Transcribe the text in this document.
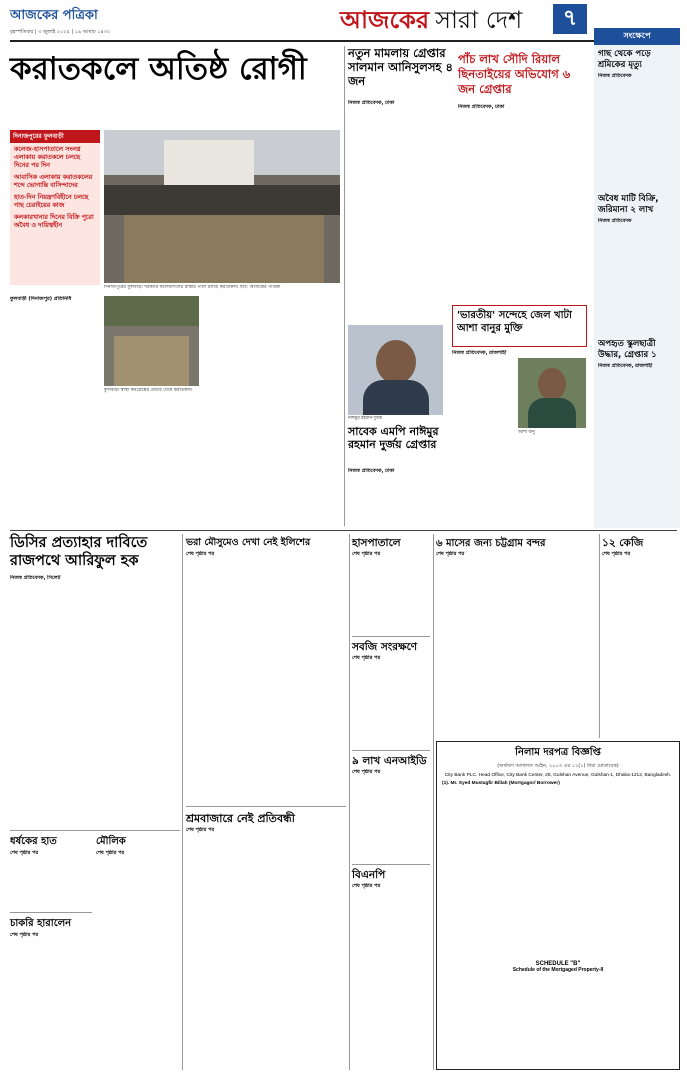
আজকের পত্রিকা
বৃহস্পতিবার | ৩ জুলাই ২০২৫ | ১৯ আষাঢ় ১৪৩২	আজকের সারা দেশ	৭
করাতকলে অতিষ্ঠ রোগী
দিনাজপুরের ফুলবাড়ী
কলেজ-হাসপাতালে সংলগ্ন এলাকায় করাতকলে চলছে দিনের পর দিন
আবাসিক এলাকায় করাতকলের শব্দে ভোগান্তি বাসিন্দাদের
হাত-দিন নিয়ন্ত্রণবিহীনে চলছে গাছ চেরাইয়ের কাজ
কলকারখানার দিনের বিক্রি পুরো অবৈধ ও দায়িত্বহীন
দিনাজপুরের ফুলবাড়ী সরকারি কলেজসংলগ্ন রাস্তার পাশে চলছে করাতকল। ছবি: আজকের পত্রিকা
ফুলবাড়ী স্বাস্থ্য কমপ্লেক্সের প্রাচীর ঘেঁষে করাতকল।
ফুলবাড়ী (দিনাজপুর) প্রতিনিধি
নতুন মামলায় গ্রেপ্তার সালমান আনিসুলসহ ৪ জন
নিজস্ব প্রতিবেদক, ঢাকা
পাঁচ লাখ সৌদি রিয়াল ছিনতাইয়ের অভিযোগ ৬ জন গ্রেপ্তার
নিজস্ব প্রতিবেদক, ঢাকা
নাঈমুর রহমান দুর্জয়
সাবেক এমপি নাঈমুর রহমান দুর্জয় গ্রেপ্তার
নিজস্ব প্রতিবেদক, ঢাকা
'ভারতীয়' সন্দেহে জেল খাটা আশা বানুর মুক্তি
নিজস্ব প্রতিবেদক, রাজশাহী
আশা বানু
সংক্ষেপে
গাছ থেকে পড়ে শ্রমিকের মৃত্যু
নিজস্ব প্রতিবেদক
অবৈধ মাটি বিক্রি, জরিমানা ২ লাখ
নিজস্ব প্রতিবেদক
অপহৃত স্কুলছাত্রী উদ্ধার, গ্রেপ্তার ১
নিজস্ব প্রতিবেদক, রাজশাহী
ডিসির প্রত্যাহার দাবিতে রাজপথে আরিফুল হক
নিজস্ব প্রতিবেদক, সিলেট
ধর্ষকের হাত
শেষ পৃষ্ঠার পর
মৌলিক
শেষ পৃষ্ঠার পর
চাকরি হারালেন
শেষ পৃষ্ঠার পর
ভরা মৌসুমেও দেখা নেই ইলিশের
শেষ পৃষ্ঠার পর
শ্রমবাজারে নেই প্রতিবন্ধী
শেষ পৃষ্ঠার পর
হাসপাতালে
শেষ পৃষ্ঠার পর
সবজি সংরক্ষণে
শেষ পৃষ্ঠার পর
৯ লাখ এনআইডি
শেষ পৃষ্ঠার পর
বিএনপি
শেষ পৃষ্ঠার পর
৬ মাসের জন্য চট্টগ্রাম বন্দর
শেষ পৃষ্ঠার পর
১২ কেজি
শেষ পৃষ্ঠার পর
নিলাম দরপত্র বিজ্ঞপ্তি
(অর্থঋণ আদালত আইন, ২০০৩ এর ১২(১) ধারা মোতাবেক)
City Bank PLC. Head Office, City Bank Center, 28, Gulshan Avenue, Gulshan-1, Dhaka-1212, Bangladesh.
(1). Mr. Syed Mustagfir Billah (Mortgagor/ Borrower)
SCHEDULE "B"
Schedule of the Mortgaged Property-II
